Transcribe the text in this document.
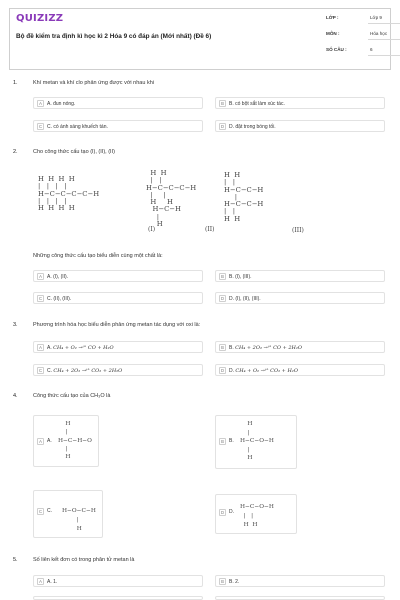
QUIZIZZ
Bộ đề kiểm tra định kì học kì 2 Hóa 9 có đáp án (Mới nhất) (Đề 6)
LỚP :	Lớp 9
MÔN :	Hóa học
SỐ CÂU :	6
1.	Khí metan và khí clo phản ứng được với nhau khi
A	A. đun nóng.	B	B. có bột sắt làm xúc tác.
C C. có ánh sáng khuếch tán.	D D. đặt trong bóng tối.
2.	Cho công thức cấu tạo (I), (II), (II)
H  H  H  H
|   |   |   |
H−C−C−C−C−H
|   |   |   |
H  H  H  H
(I)
H  H
|   |
H−C−C−C−H
|     |
H     H
H−C−H
|
H
(II)
H  H
|   |
H−C−C−H
|
H−C−C−H
|   |
H  H
(III)
Những công thức cấu tạo biểu diễn cùng một chất là:
A	A. (I), (II).	B	B. (I), (III).
C C. (II), (III).	D D. (I), (II), (III).
3.	Phương trình hóa học biểu diễn phản ứng metan tác dụng với oxi là:
A	A. CH₄ + O₂ →ᵗ° CO + H₂O	B	B. CH₄ + 2O₂ →ᵗ° CO + 2H₂O
C C. CH₄ + 2O₂ →ᵗ° CO₂ + 2H₂O	D D. CH₄ + O₂ →ᵗ° CO₂ + H₂O
4.	Công thức cấu tạo của CH₃O là
A	A.
H
|
H−C−H−O
|
H
B	B.
H
|
H−C−O−H
|
H
C C. H−O−C−H
|
H
D D.
H−C−O−H
|   |
H  H
5.	Số liên kết đơn có trong phân tử metan là
A	A. 1.	B	B. 2.
